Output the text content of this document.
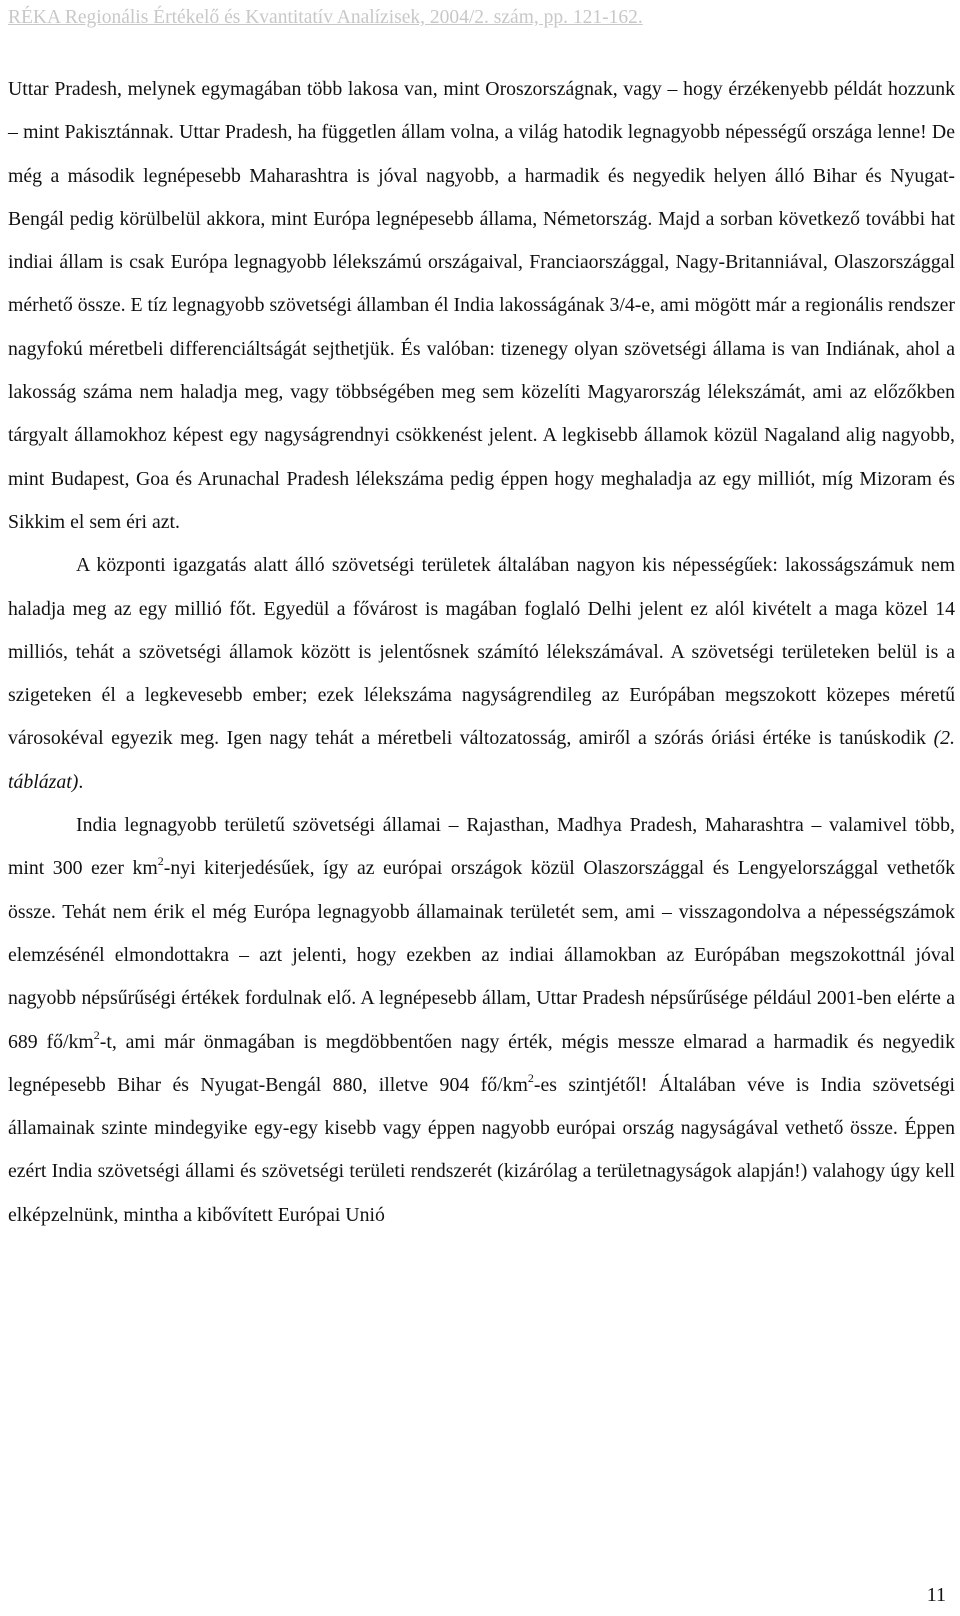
RÉKA Regionális Értékelő és Kvantitatív Analízisek, 2004/2. szám, pp. 121-162.

Uttar Pradesh, melynek egymagában több lakosa van, mint Oroszországnak, vagy – hogy érzékenyebb példát hozzunk – mint Pakisztánnak. Uttar Pradesh, ha független állam volna, a világ hatodik legnagyobb népességű országa lenne! De még a második legnépesebb Maharashtra is jóval nagyobb, a harmadik és negyedik helyen álló Bihar és Nyugat-Bengál pedig körülbelül akkora, mint Európa legnépesebb állama, Németország. Majd a sorban következő további hat indiai állam is csak Európa legnagyobb lélekszámú országaival, Franciaországgal, Nagy-Britanniával, Olaszországgal mérhető össze. E tíz legnagyobb szövetségi államban él India lakosságának 3/4-e, ami mögött már a regionális rendszer nagyfokú méretbeli differenciáltságát sejthetjük. És valóban: tizenegy olyan szövetségi állama is van Indiának, ahol a lakosság száma nem haladja meg, vagy többségében meg sem közelíti Magyarország lélekszámát, ami az előzőkben tárgyalt államokhoz képest egy nagyságrendnyi csökkenést jelent. A legkisebb államok közül Nagaland alig nagyobb, mint Budapest, Goa és Arunachal Pradesh lélekszáma pedig éppen hogy meghaladja az egy milliót, míg Mizoram és Sikkim el sem éri azt.

A központi igazgatás alatt álló szövetségi területek általában nagyon kis népességűek: lakosságszámuk nem haladja meg az egy millió főt. Egyedül a fővárost is magában foglaló Delhi jelent ez alól kivételt a maga közel 14 milliós, tehát a szövetségi államok között is jelentősnek számító lélekszámával. A szövetségi területeken belül is a szigeteken él a legkevesebb ember; ezek lélekszáma nagyságrendileg az Európában megszokott közepes méretű városokéval egyezik meg. Igen nagy tehát a méretbeli változatosság, amiről a szórás óriási értéke is tanúskodik (2. táblázat).

India legnagyobb területű szövetségi államai – Rajasthan, Madhya Pradesh, Maharashtra – valamivel több, mint 300 ezer $km^2$-nyi kiterjedésűek, így az európai országok közül Olaszországgal és Lengyelországgal vethetők össze. Tehát nem érik el még Európa legnagyobb államainak területét sem, ami – visszagondolva a népességszámok elemzésénél elmondottakra – azt jelenti, hogy ezekben az indiai államokban az Európában megszokottnál jóval nagyobb népsűrűségi értékek fordulnak elő. A legnépesebb állam, Uttar Pradesh népsűrűsége például 2001-ben elérte a 689 $fő/km^2-t$, ami már önmagában is megdöbbentően nagy érték, mégis messze elmarad a harmadik és negyedik legnépesebb Bihar és Nyugat-Bengál 880, illetve 904 $fő/km^2-es$ szintjétől! Általában véve is India szövetségi államainak szinte mindegyike egy-egy kisebb vagy éppen nagyobb európai ország nagyságával vethető össze. Éppen ezért India szövetségi állami és szövetségi területi rendszerét (kizárólag a területnagyságok alapján!) valahogy úgy kell elképzelnünk, mintha a kibővített Európai Unió

11
